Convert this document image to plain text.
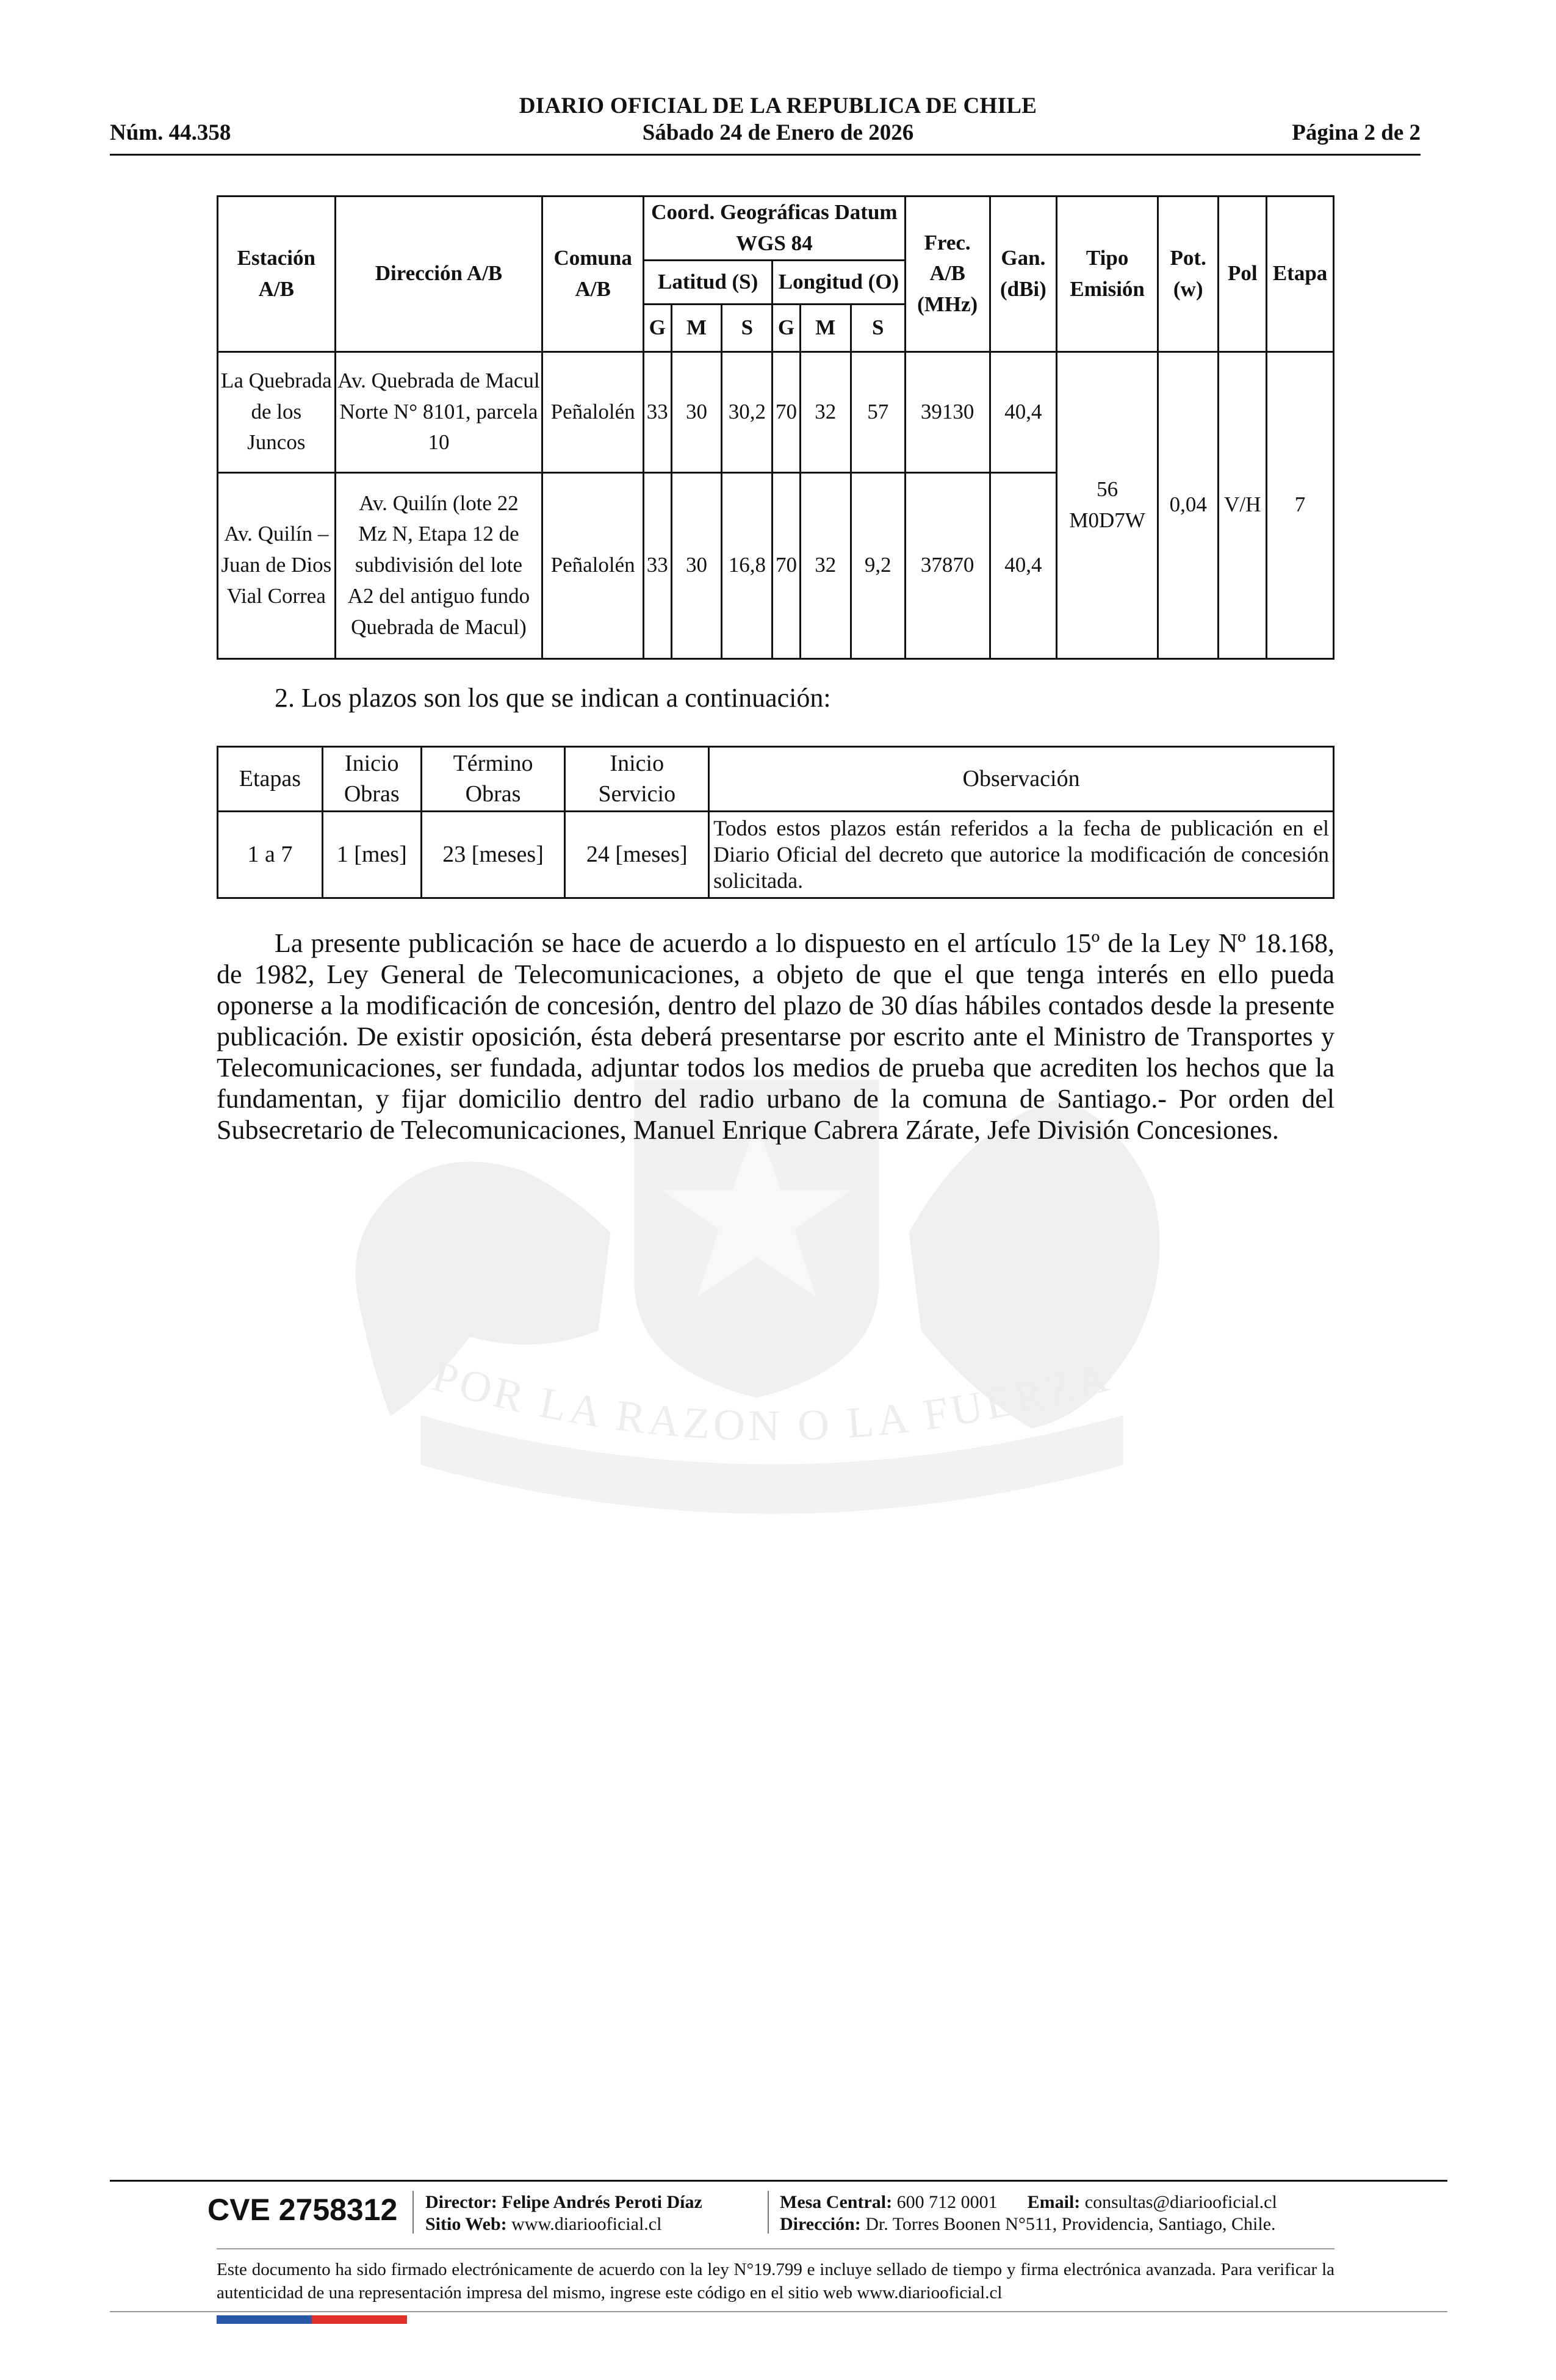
DIARIO OFICIAL DE LA REPUBLICA DE CHILE
Núm. 44.358	Sábado 24 de Enero de 2026	Página 2 de 2
POR LA RAZON O LA FUERZA
Estación A/B	Dirección A/B	Comuna A/B	Coord. Geográficas Datum WGS 84						Frec. A/B (MHz)	Gan. (dBi)	Tipo Emisión	Pot. (w)	Pol	Etapa
			Latitud (S)			Longitud (O)								
			G	M	S	G	M	S						
La Quebrada de los Juncos	Av. Quebrada de Macul Norte N° 8101, parcela 10	Peñalolén	33	30	30,2	70	32	57	39130	40,4	56 M0D7W	0,04	V/H	7
Av. Quilín – Juan de Dios Vial Correa	Av. Quilín (lote 22 Mz N, Etapa 12 de subdivisión del lote A2 del antiguo fundo Quebrada de Macul)	Peñalolén	33	30	16,8	70	32	9,2	37870	40,4				
2. Los plazos son los que se indican a continuación:
Etapas	Inicio Obras	Término Obras	Inicio Servicio	Observación
1 a 7	1 [mes]	23 [meses]	24 [meses]	Todos estos plazos están referidos a la fecha de publicación en el Diario Oficial del decreto que autorice la modificación de concesión solicitada.
La presente publicación se hace de acuerdo a lo dispuesto en el artículo 15º de la Ley Nº 18.168, de 1982, Ley General de Telecomunicaciones, a objeto de que el que tenga interés en ello pueda oponerse a la modificación de concesión, dentro del plazo de 30 días hábiles contados desde la presente publicación. De existir oposición, ésta deberá presentarse por escrito ante el Ministro de Transportes y Telecomunicaciones, ser fundada, adjuntar todos los medios de prueba que acrediten los hechos que la fundamentan, y fijar domicilio dentro del radio urbano de la comuna de Santiago.- Por orden del Subsecretario de Telecomunicaciones, Manuel Enrique Cabrera Zárate, Jefe División Concesiones.
CVE 2758312 Director: Felipe Andrés Peroti Díaz
Sitio Web: www.diariooficial.cl
Mesa Central: 600 712 0001 Email: consultas@diariooficial.cl
Dirección: Dr. Torres Boonen N°511, Providencia, Santiago, Chile.
Este documento ha sido firmado electrónicamente de acuerdo con la ley N°19.799 e incluye sellado de tiempo y firma electrónica avanzada. Para verificar la autenticidad de una representación impresa del mismo, ingrese este código en el sitio web www.diariooficial.cl
